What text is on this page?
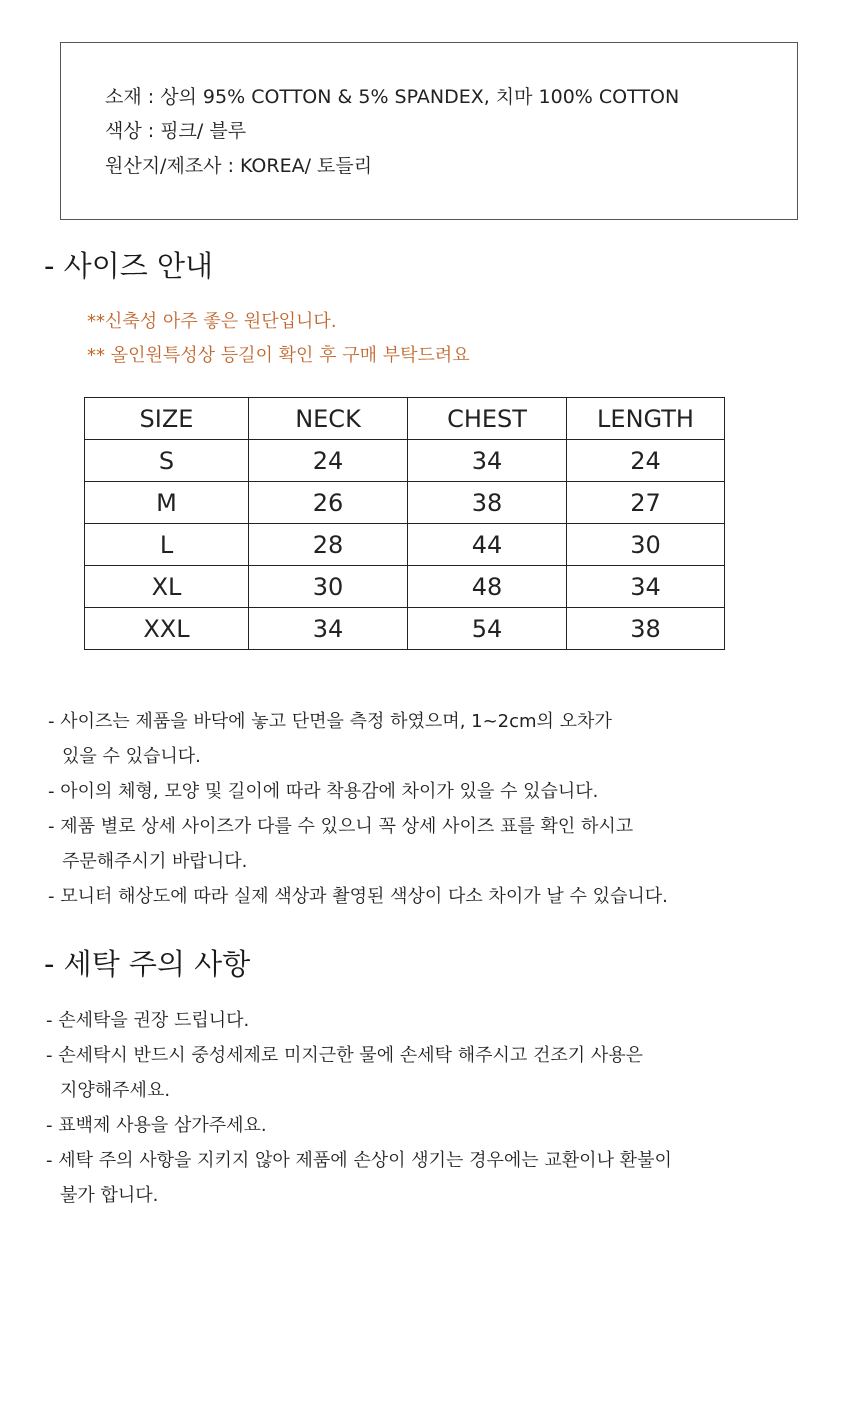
소재 : 상의 95% COTTON & 5% SPANDEX, 치마 100% COTTON
색상 : 핑크/ 블루
원산지/제조사 : KOREA/ 토들리
- 사이즈 안내
**신축성 아주 좋은 원단입니다.
** 올인원특성상 등길이 확인 후 구매 부탁드려요
SIZE	NECK	CHEST	LENGTH
S	24	34	24
M	26	38	27
L	28	44	30
XL	30	48	34
XXL	34	54	38
- 사이즈는 제품을 바닥에 놓고 단면을 측정 하였으며, 1~2cm의 오차가
있을 수 있습니다.
- 아이의 체형, 모양 및 길이에 따라 착용감에 차이가 있을 수 있습니다.
- 제품 별로 상세 사이즈가 다를 수 있으니 꼭 상세 사이즈 표를 확인 하시고
주문해주시기 바랍니다.
- 모니터 해상도에 따라 실제 색상과 촬영된 색상이 다소 차이가 날 수 있습니다.
- 세탁 주의 사항
- 손세탁을 권장 드립니다.
- 손세탁시 반드시 중성세제로 미지근한 물에 손세탁 해주시고 건조기 사용은
지양해주세요.
- 표백제 사용을 삼가주세요.
- 세탁 주의 사항을 지키지 않아 제품에 손상이 생기는 경우에는 교환이나 환불이
불가 합니다.
